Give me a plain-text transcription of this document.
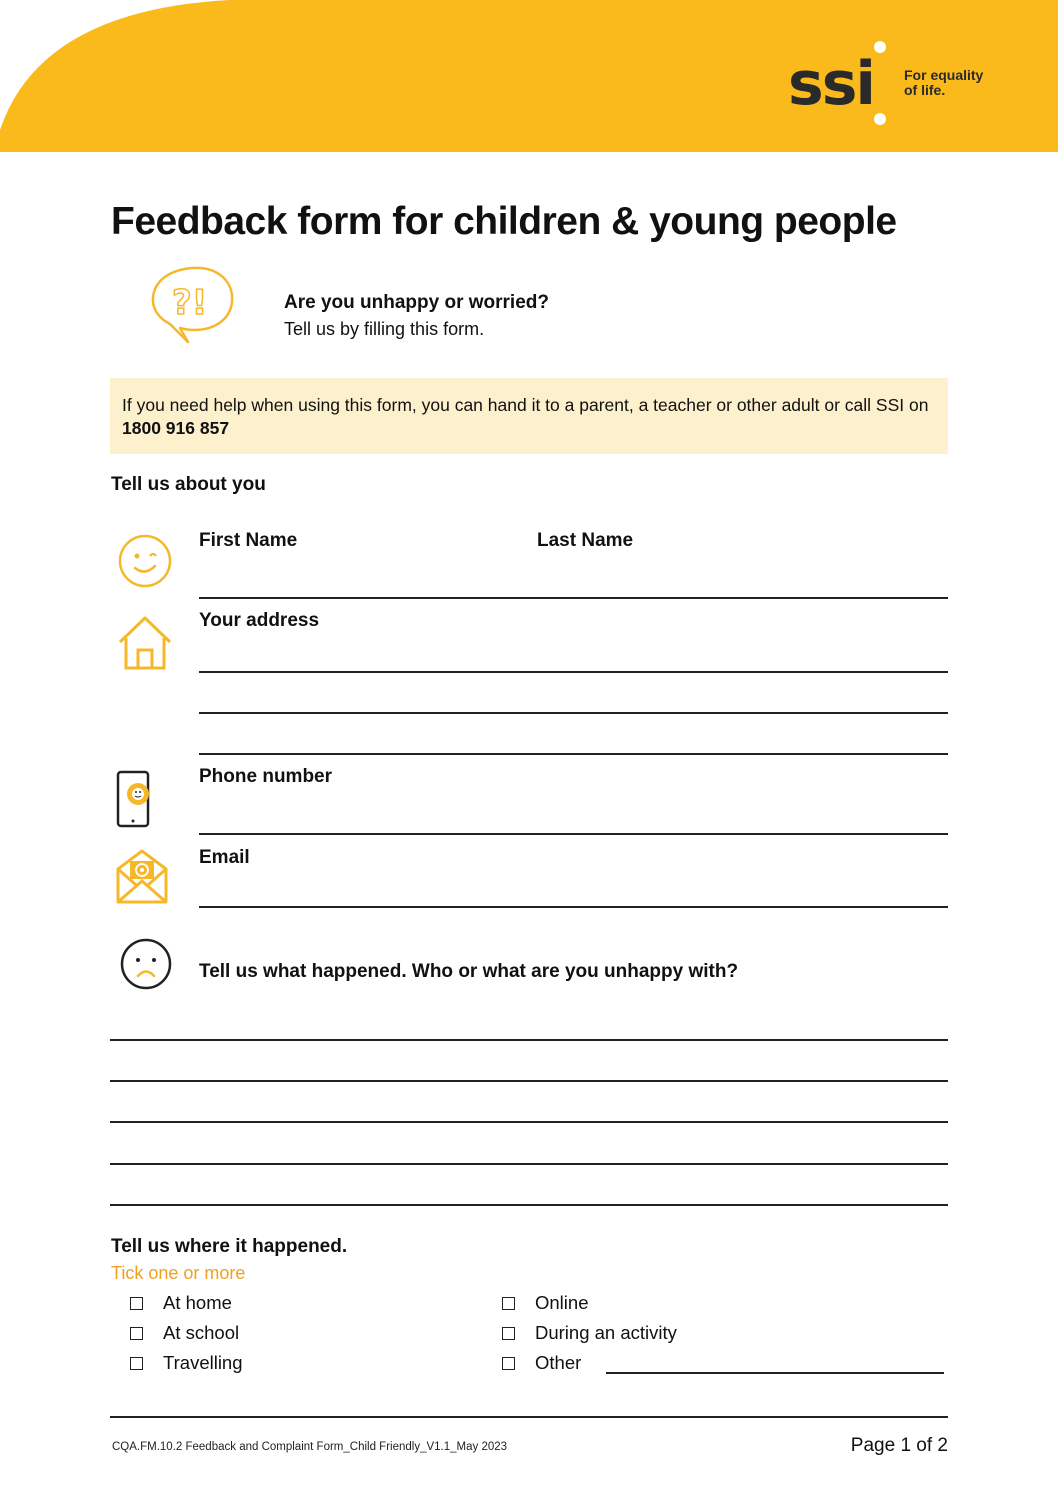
ssi For equality
of life.
Feedback form for children & young people
?!	Are you unhappy or worried?
Tell us by filling this form.
If you need help when using this form, you can hand it to a parent, a teacher or other adult or call SSI on 1800 916 857
Tell us about you
First Name	Last Name
Your address
Phone number
Email
Tell us what happened. Who or what are you unhappy with?
Tell us where it happened.
Tick one or more
At home
At school
Travelling
Online
During an activity
Other
CQA.FM.10.2 Feedback and Complaint Form_Child Friendly_V1.1_May 2023	Page 1 of 2
